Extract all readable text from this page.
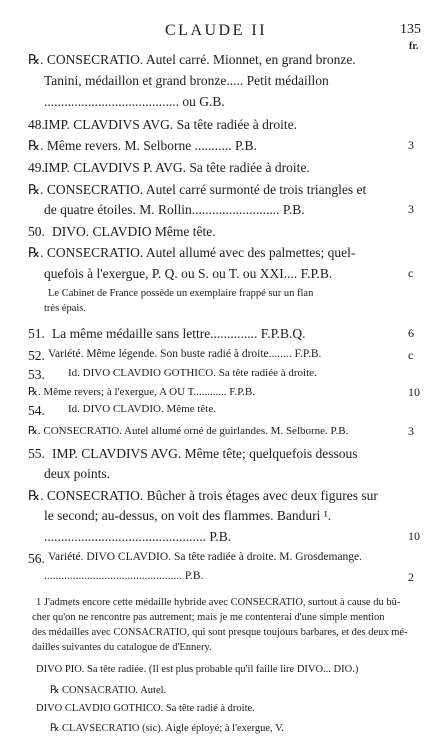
CLAUDE II	135
fr.
℞. CONSECRATIO. Autel carré. Mionnet, en grand bronze.
Tanini, médaillon et grand bronze..... Petit médaillon
........................................ ou G.B.
48. IMP. CLAVDIVS AVG. Sa tête radiée à droite.
℞. Même revers. M. Selborne ........... P.B.	3
49. IMP. CLAVDIVS P. AVG. Sa tête radiée à droite.
℞. CONSECRATIO. Autel carré surmonté de trois triangles et
de quatre étoiles. M. Rollin.......................... P.B.	3
50. DIVO. CLAVDIO Même tête.
℞. CONSECRATIO. Autel allumé avec des palmettes; quel-
quefois à l'exergue, P. Q. ou S. ou T. ou XXI.... F.P.B.	c
Le Cabinet de France possède un exemplaire frappé sur un flan
très épais.
51. La même médaille sans lettre.............. F.P.B.Q.	6
52. Variété. Même légende. Son buste radié à droite........ F.P.B.	c
53. Id. DIVO CLAVDIO GOTHICO. Sa tête radiée à droite.
℞. Même revers; à l'exergue, A OU T............ F.P.B.	10
54. Id. DIVO CLAVDIO. Même tête.
℞. CONSECRATIO. Autel allumé orné de guirlandes. M. Selborne. P.B.	3
55. IMP. CLAVDIVS AVG. Même tête; quelquefois dessous
deux points.
℞. CONSECRATIO. Bûcher à trois étages avec deux figures sur
le second; au-dessus, on voit des flammes. Banduri ¹.
................................................ P.B.	10
56. Variété. DIVO CLAVDIO. Sa tête radiée à droite. M. Grosdemange.
................................................ P.B.	2
1 J'admets encore cette médaille hybride avec CONSECRATIO, surtout à cause du bû-
cher qu'on ne rencontre pas autrement; mais je me contenterai d'une simple mention
des médailles avec CONSACRATIO, qui sont presque toujours barbares, et des deux mé-
dailles suivantes du catalogue de d'Ennery.
DIVO PIO. Sa tête radiée. (Il est plus probable qu'il faille lire DIVO... DIO.)
℞ CONSACRATIO. Autel.
DIVO CLAVDIO GOTHICO. Sa tête radié à droite.
℞ CLAVSECRATIO (sic). Aigle éployé; à l'exergue, V.
